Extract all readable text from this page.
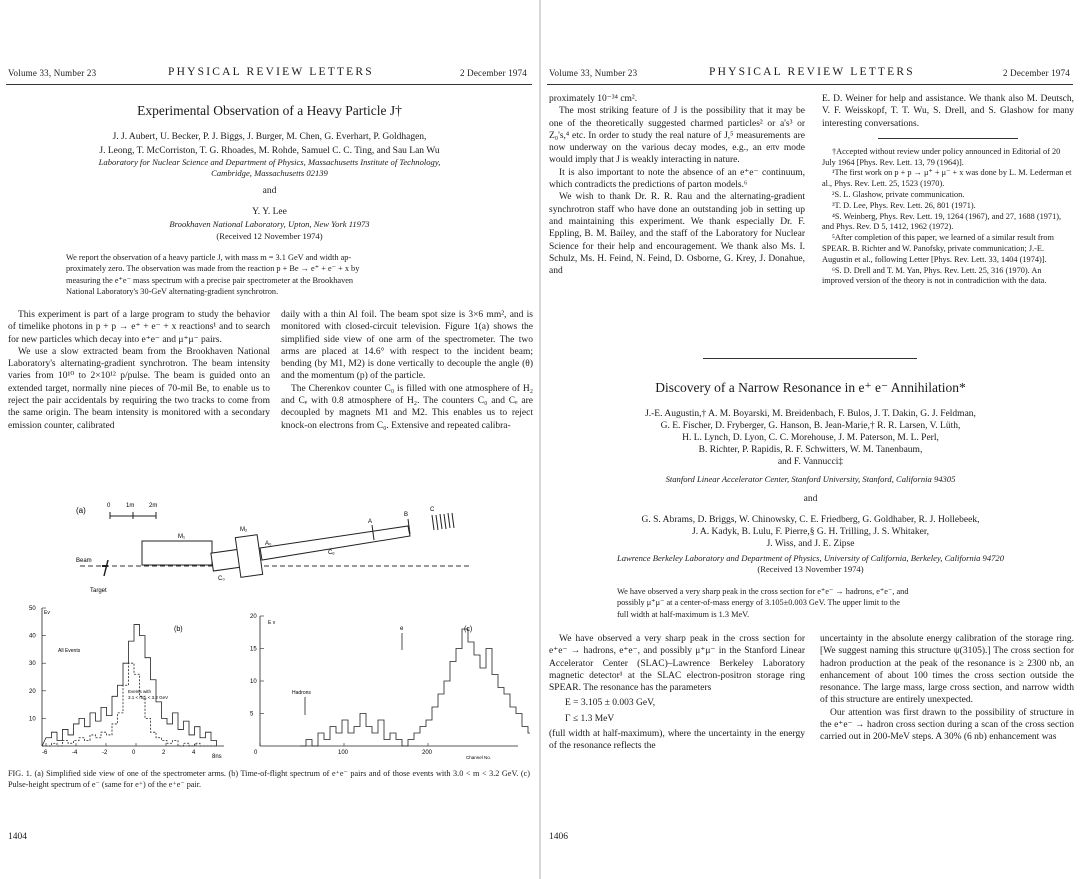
Volume 33, Number 23	PHYSICAL REVIEW LETTERS	2 December 1974
Experimental Observation of a Heavy Particle J†
J. J. Aubert, U. Becker, P. J. Biggs, J. Burger, M. Chen, G. Everhart, P. Goldhagen,
J. Leong, T. McCorriston, T. G. Rhoades, M. Rohde, Samuel C. C. Ting, and Sau Lan Wu
Laboratory for Nuclear Science and Department of Physics, Massachusetts Institute of Technology,
Cambridge, Massachusetts 02139
and
Y. Y. Lee
Brookhaven National Laboratory, Upton, New York 11973
(Received 12 November 1974)
We report the observation of a heavy particle J, with mass m = 3.1 GeV and width ap-
proximately zero. The observation was made from the reaction p + Be → e⁺ + e⁻ + x by
measuring the e⁺e⁻ mass spectrum with a precise pair spectrometer at the Brookhaven
National Laboratory's 30-GeV alternating-gradient synchrotron.

This experiment is part of a large program to study the behavior of timelike photons in p + p → e⁺ + e⁻ + x reactions¹ and to search for new particles which decay into e⁺e⁻ and μ⁺μ⁻ pairs.

We use a slow extracted beam from the Brookhaven National Laboratory's alternating-gradient synchrotron. The beam intensity varies from 10¹⁰ to 2×10¹² p/pulse. The beam is guided onto an extended target, normally nine pieces of 70-mil Be, to enable us to reject the pair accidentals by requiring the two tracks to come from the same origin. The beam intensity is monitored with a secondary emission counter, calibrated

daily with a thin Al foil. The beam spot size is 3×6 mm², and is monitored with closed-circuit television. Figure 1(a) shows the simplified side view of one arm of the spectrometer. The two arms are placed at 14.6° with respect to the incident beam; bending (by M1, M2) is done vertically to decouple the angle (θ) and the momentum (p) of the particle.

The Cherenkov counter C₀ is filled with one atmosphere of H₂ and Cₑ with 0.8 atmosphere of H₂. The counters C₀ and Cₑ are decoupled by magnets M1 and M2. This enables us to reject knock-on electrons from C₀. Extensive and repeated calibra-

(a)	0	1m 2m
Beam
Target
M₁
C₀
M₂
A₀
Cₑ
A
B
C
50
40
30
20
10
-6	-4	-2	0	2	4
(b)
Ev
All Events
Events with
3.1 < mₑₑ < 3.2 GeV
8ns
20
15
10
5
0	100	200
(c)
E v
Hadrons
e
Channel No.
FIG. 1. (a) Simplified side view of one of the spectrometer arms. (b) Time-of-flight spectrum of e⁺e⁻ pairs and of those events with 3.0 < m < 3.2 GeV. (c) Pulse-height spectrum of e⁻ (same for e⁺) of the e⁺e⁻ pair.
1404
Volume 33, Number 23	PHYSICAL REVIEW LETTERS	2 December 1974

proximately 10⁻³⁴ cm².

The most striking feature of J is the possibility that it may be one of the theoretically suggested charmed particles² or a's³ or Z₀'s,⁴ etc. In order to study the real nature of J,⁵ measurements are now underway on the various decay modes, e.g., an eπν mode would imply that J is weakly interacting in nature.

It is also important to note the absence of an e⁺e⁻ continuum, which contradicts the predictions of parton models.⁶

We wish to thank Dr. R. R. Rau and the alternating-gradient synchrotron staff who have done an outstanding job in setting up and maintaining this experiment. We thank especially Dr. F. Eppling, B. M. Bailey, and the staff of the Laboratory for Nuclear Science for their help and encouragement. We thank also Ms. I. Schulz, Ms. H. Feind, N. Feind, D. Osborne, G. Krey, J. Donahue, and

E. D. Weiner for help and assistance. We thank also M. Deutsch, V. F. Weisskopf, T. T. Wu, S. Drell, and S. Glashow for many interesting conversations.

†Accepted without review under policy announced in Editorial of 20 July 1964 [Phys. Rev. Lett. 13, 79 (1964)].

¹The first work on p + p → μ⁺ + μ⁻ + x was done by L. M. Lederman et al., Phys. Rev. Lett. 25, 1523 (1970).

²S. L. Glashow, private communication.

³T. D. Lee, Phys. Rev. Lett. 26, 801 (1971).

⁴S. Weinberg, Phys. Rev. Lett. 19, 1264 (1967), and 27, 1688 (1971), and Phys. Rev. D 5, 1412, 1962 (1972).

⁵After completion of this paper, we learned of a similar result from SPEAR. B. Richter and W. Panofsky, private communication; J.-E. Augustin et al., following Letter [Phys. Rev. Lett. 33, 1404 (1974)].

⁶S. D. Drell and T. M. Yan, Phys. Rev. Lett. 25, 316 (1970). An improved version of the theory is not in contradiction with the data.

Discovery of a Narrow Resonance in e⁺ e⁻ Annihilation*
J.-E. Augustin,† A. M. Boyarski, M. Breidenbach, F. Bulos, J. T. Dakin, G. J. Feldman,
G. E. Fischer, D. Fryberger, G. Hanson, B. Jean-Marie,† R. R. Larsen, V. Lüth,
H. L. Lynch, D. Lyon, C. C. Morehouse, J. M. Paterson, M. L. Perl,
B. Richter, P. Rapidis, R. F. Schwitters, W. M. Tanenbaum,
and F. Vannucci‡
Stanford Linear Accelerator Center, Stanford University, Stanford, California 94305
and
G. S. Abrams, D. Briggs, W. Chinowsky, C. E. Friedberg, G. Goldhaber, R. J. Hollebeek,
J. A. Kadyk, B. Lulu, F. Pierre,§ G. H. Trilling, J. S. Whitaker,
J. Wiss, and J. E. Zipse
Lawrence Berkeley Laboratory and Department of Physics, University of California, Berkeley, California 94720
(Received 13 November 1974)
We have observed a very sharp peak in the cross section for e⁺e⁻ → hadrons, e⁺e⁻, and
possibly μ⁺μ⁻ at a center-of-mass energy of 3.105±0.003 GeV. The upper limit to the
full width at half-maximum is 1.3 MeV.

We have observed a very sharp peak in the cross section for e⁺e⁻ → hadrons, e⁺e⁻, and possibly μ⁺μ⁻ in the Stanford Linear Accelerator Center (SLAC)–Lawrence Berkeley Laboratory magnetic detector¹ at the SLAC electron-positron storage ring SPEAR. The resonance has the parameters

E = 3.105 ± 0.003 GeV,

Γ ≤ 1.3 MeV

(full width at half-maximum), where the uncertainty in the energy of the resonance reflects the

uncertainty in the absolute energy calibration of the storage ring. [We suggest naming this structure ψ(3105).] The cross section for hadron production at the peak of the resonance is ≥ 2300 nb, an enhancement of about 100 times the cross section outside the resonance. The large mass, large cross section, and narrow width of this structure are entirely unexpected.

Our attention was first drawn to the possibility of structure in the e⁺e⁻ → hadron cross section during a scan of the cross section carried out in 200-MeV steps. A 30% (6 nb) enhancement was

1406
